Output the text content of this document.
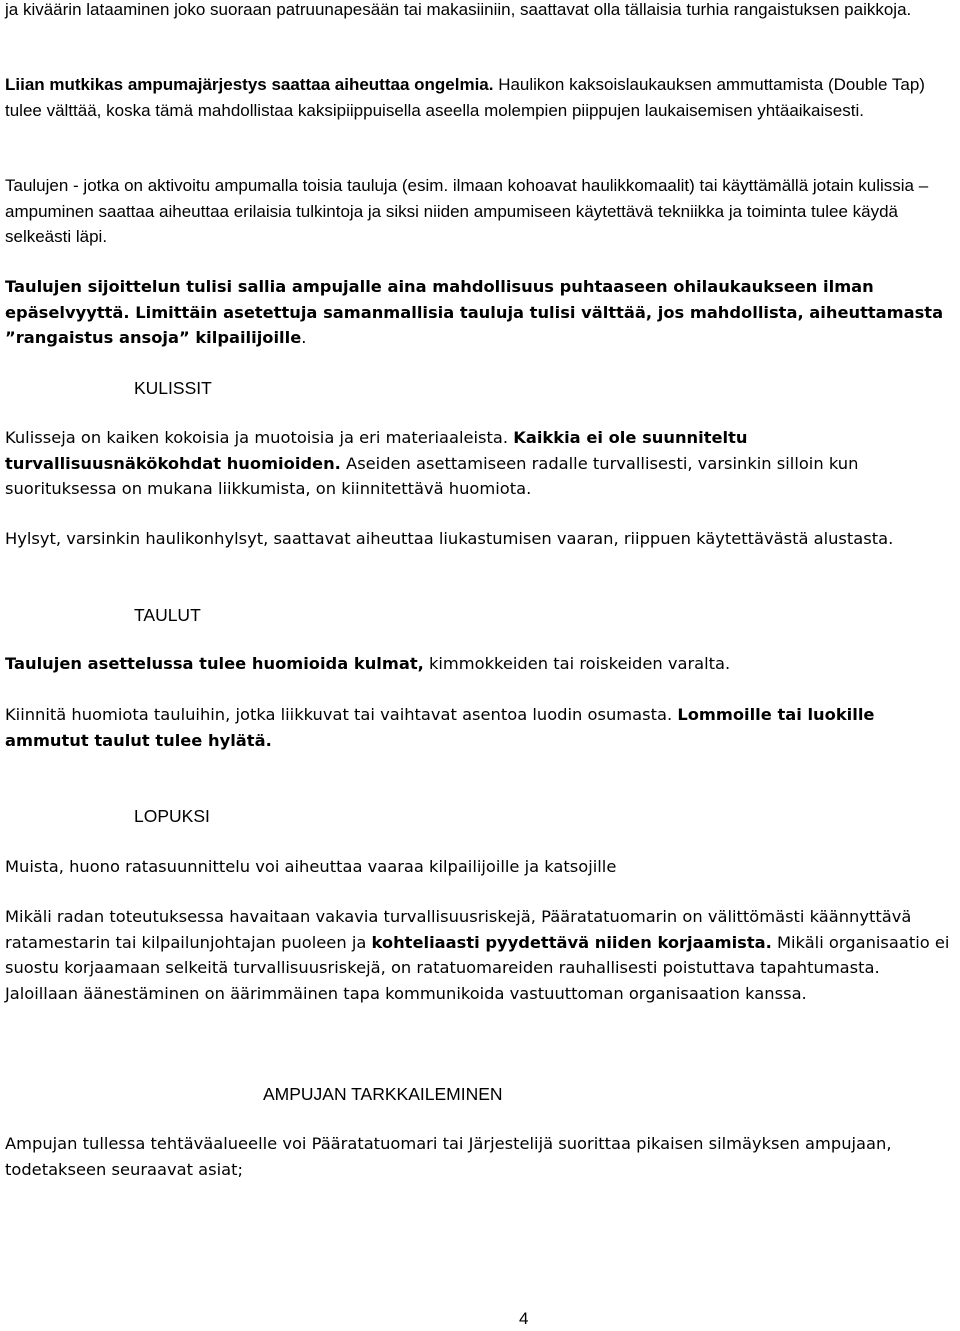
ja kiväärin lataaminen joko suoraan patruunapesään tai makasiiniin, saattavat olla tällaisia turhia rangaistuksen paikkoja.

Liian mutkikas ampumajärjestys saattaa aiheuttaa ongelmia. Haulikon kaksoislaukauksen ammuttamista (Double Tap) tulee välttää, koska tämä mahdollistaa kaksipiippuisella aseella molempien piippujen laukaisemisen yhtäaikaisesti.

Taulujen - jotka on aktivoitu ampumalla toisia tauluja (esim. ilmaan kohoavat haulikkomaalit) tai käyttämällä jotain kulissia – ampuminen saattaa aiheuttaa erilaisia tulkintoja ja siksi niiden ampumiseen käytettävä tekniikka ja toiminta tulee käydä selkeästi läpi.

Taulujen sijoittelun tulisi sallia ampujalle aina mahdollisuus puhtaaseen ohilaukaukseen ilman epäselvyyttä. Limittäin asetettuja samanmallisia tauluja tulisi välttää, jos mahdollista, aiheuttamasta ”rangaistus ansoja” kilpailijoille.

KULISSIT

Kulisseja on kaiken kokoisia ja muotoisia ja eri materiaaleista. Kaikkia ei ole suunniteltu turvallisuusnäkökohdat huomioiden. Aseiden asettamiseen radalle turvallisesti, varsinkin silloin kun suorituksessa on mukana liikkumista, on kiinnitettävä huomiota.

Hylsyt, varsinkin haulikonhylsyt, saattavat aiheuttaa liukastumisen vaaran, riippuen käytettävästä alustasta.

TAULUT

Taulujen asettelussa tulee huomioida kulmat, kimmokkeiden tai roiskeiden varalta.

Kiinnitä huomiota tauluihin, jotka liikkuvat tai vaihtavat asentoa luodin osumasta. Lommoille tai luokille ammutut taulut tulee hylätä.

LOPUKSI

Muista, huono ratasuunnittelu voi aiheuttaa vaaraa kilpailijoille ja katsojille

Mikäli radan toteutuksessa havaitaan vakavia turvallisuusriskejä, Pääratatuomarin on välittömästi käännyttävä ratamestarin tai kilpailunjohtajan puoleen ja kohteliaasti pyydettävä niiden korjaamista. Mikäli organisaatio ei suostu korjaamaan selkeitä turvallisuusriskejä, on ratatuomareiden rauhallisesti poistuttava tapahtumasta. Jaloillaan äänestäminen on äärimmäinen tapa kommunikoida vastuuttoman organisaation kanssa.

AMPUJAN TARKKAILEMINEN

Ampujan tullessa tehtäväalueelle voi Pääratatuomari tai Järjestelijä suorittaa pikaisen silmäyksen ampujaan, todetakseen seuraavat asiat;

4
